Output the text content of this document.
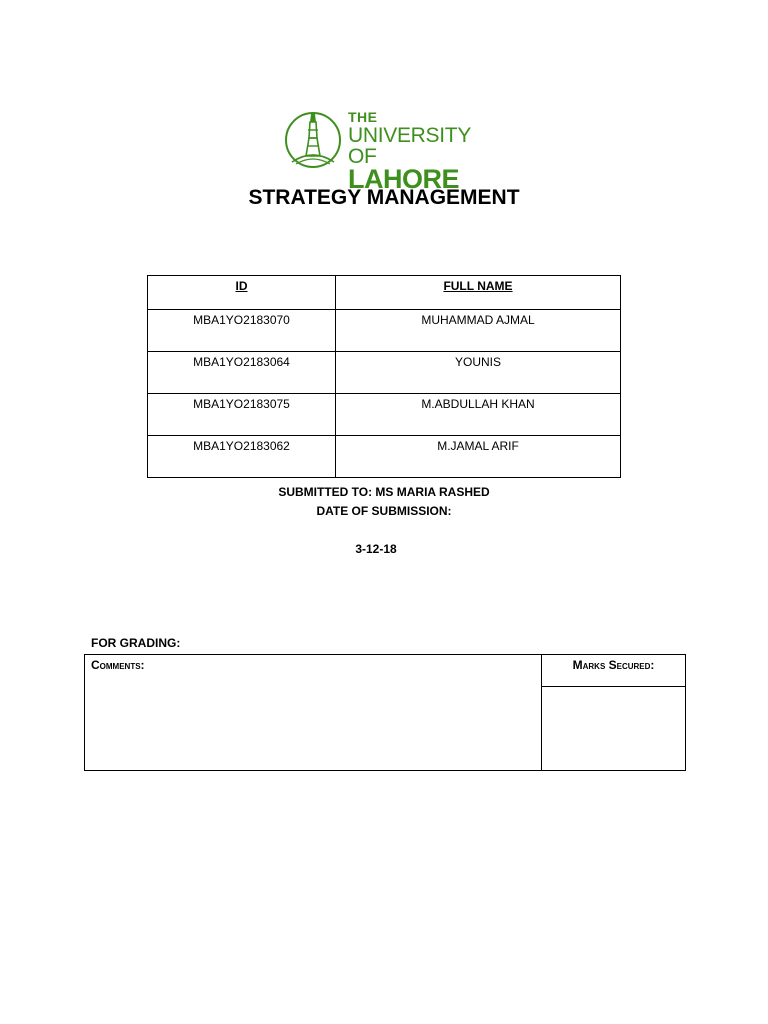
THE
UNIVERSITY OF
LAHORE
STRATEGY MANAGEMENT
ID	FULL NAME
MBA1YO2183070	MUHAMMAD AJMAL
MBA1YO2183064	YOUNIS
MBA1YO2183075	M.ABDULLAH KHAN
MBA1YO2183062	M.JAMAL ARIF
SUBMITTED TO: MS MARIA RASHED
DATE OF SUBMISSION:
3-12-18
FOR GRADING:
Comments:	Marks Secured:
